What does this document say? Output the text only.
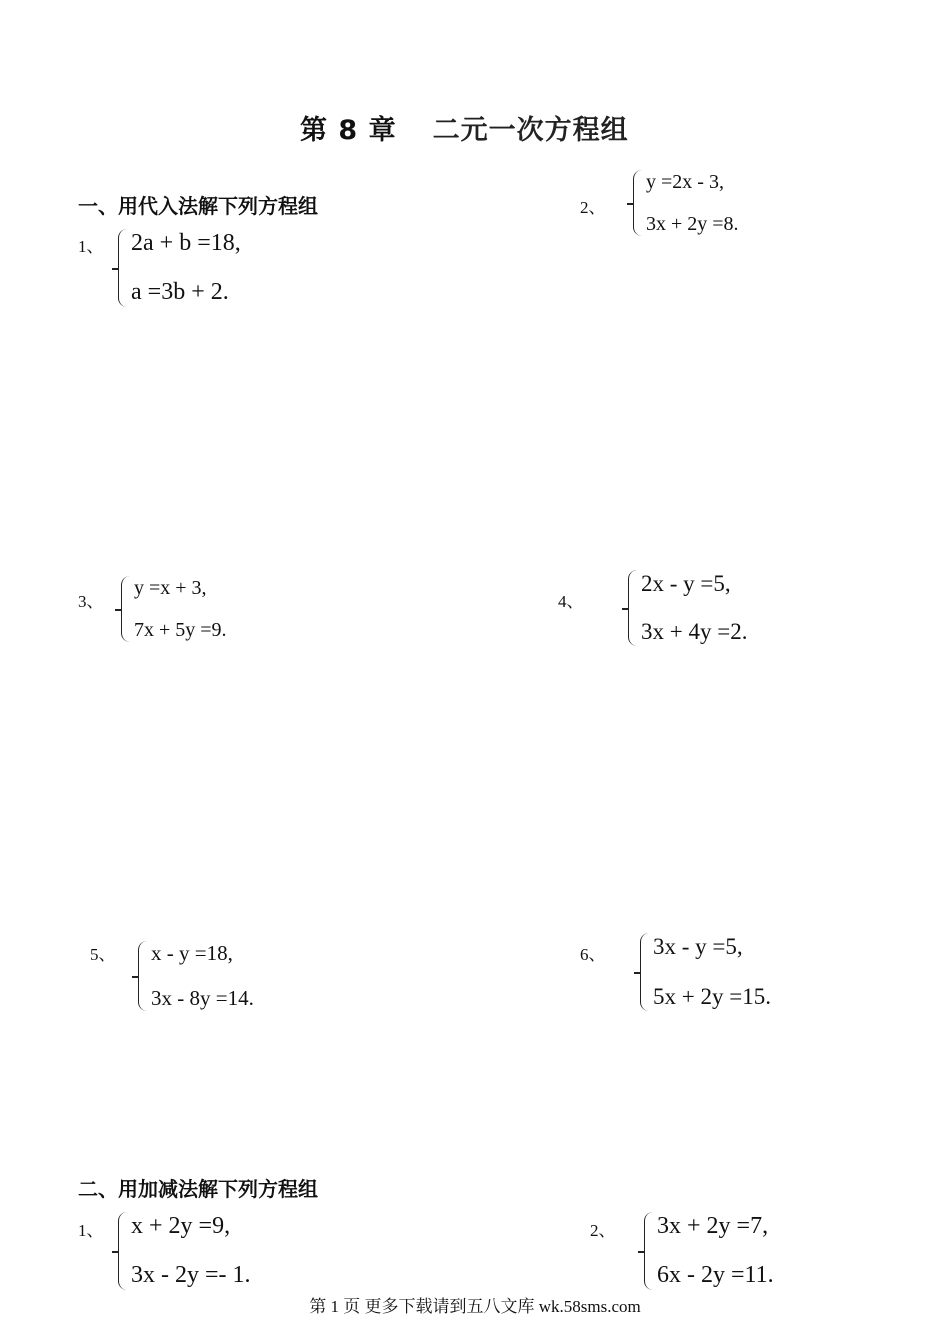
第 8 章 二元一次方程组
一、用代入法解下列方程组
1、 2a + b =18,
a =3b + 2.
2、
y =2x - 3,
3x + 2y =8.
3、
y =x + 3,
7x + 5y =9.
4、
2x - y =5,
3x + 4y =2.
5、 x - y =18,
3x - 8y =14.
6、 3x - y =5,
5x + 2y =15.
二、用加减法解下列方程组
1、 x + 2y =9,
3x - 2y =- 1.
2、 3x + 2y =7,
6x - 2y =11.
第 1 页 更多下载请到五八文库 wk.58sms.com
